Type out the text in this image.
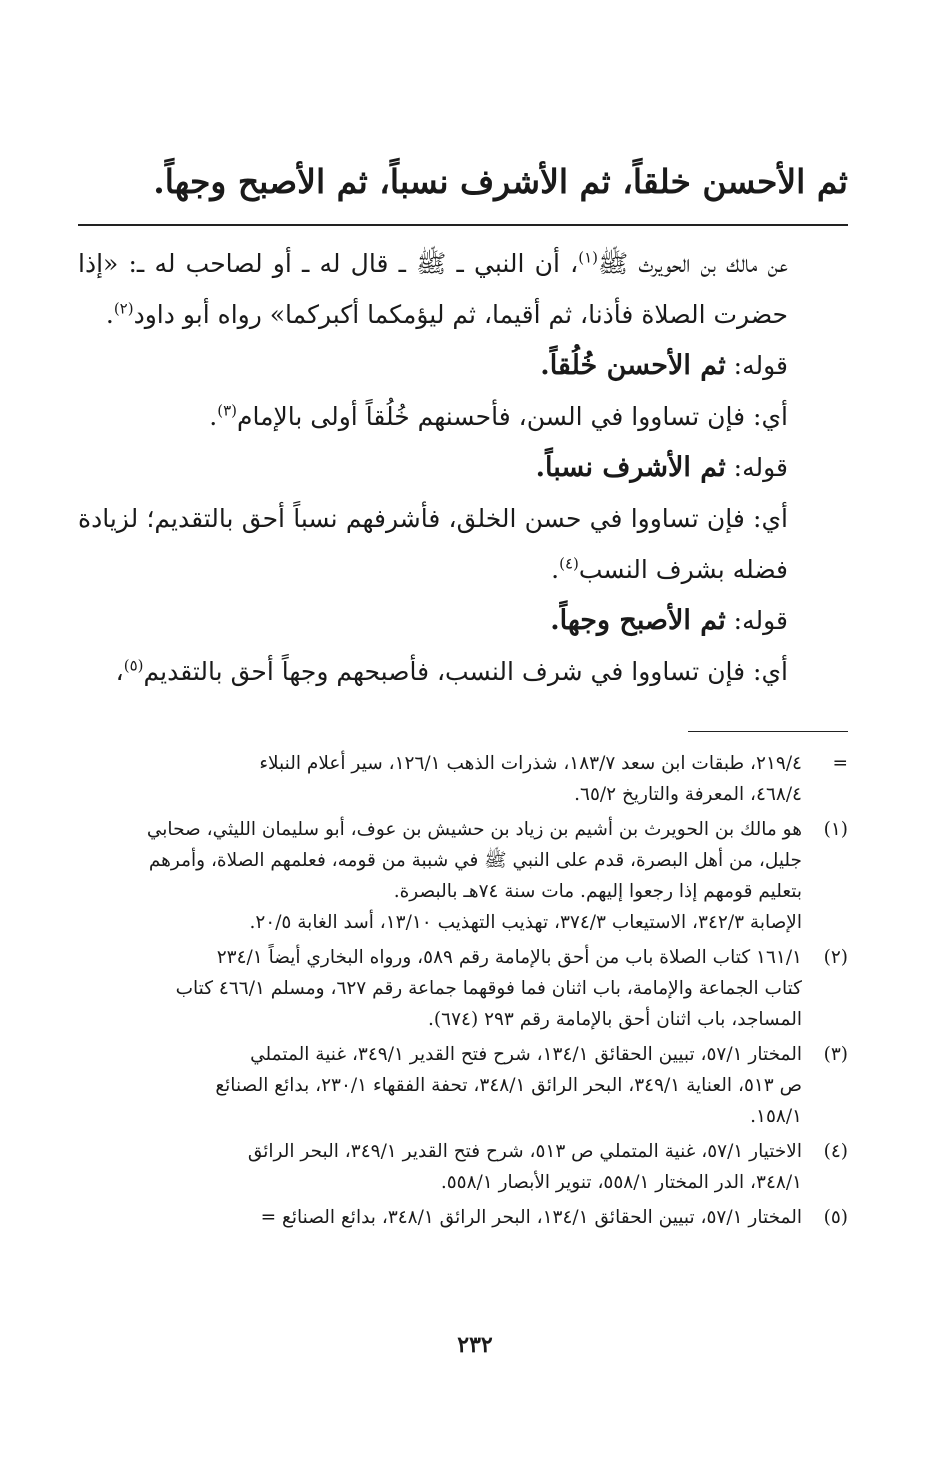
ثم الأحسن خلقاً، ثم الأشرف نسباً، ثم الأصبح وجهاً.

عن مالك بن الحويرث ﷺ$^{(١)}$، أن النبي ـ ﷺ ـ قال له ـ أو لصاحب له ـ: «إذا حضرت الصلاة فأذنا، ثم أقيما، ثم ليؤمكما أكبركما» رواه أبو داود$^{(٢)}$.

قوله: ثم الأحسن خُلُقاً.

أي: فإن تساووا في السن، فأحسنهم خُلُقاً أولى بالإمام$^{(٣)}$.

قوله: ثم الأشرف نسباً.

أي: فإن تساووا في حسن الخلق، فأشرفهم نسباً أحق بالتقديم؛ لزيادة فضله بشرف النسب$^{(٤)}$.

قوله: ثم الأصبح وجهاً.

أي: فإن تساووا في شرف النسب، فأصبحهم وجهاً أحق بالتقديم$^{(٥)}$،

=
٢١٩/٤، طبقات ابن سعد ١٨٣/٧، شذرات الذهب ١٢٦/١، سير أعلام النبلاء
٤٦٨/٤، المعرفة والتاريخ ٦٥/٢.
(١)
هو مالك بن الحويرث بن أشيم بن زياد بن حشيش بن عوف، أبو سليمان الليثي، صحابي
جليل، من أهل البصرة، قدم على النبي ﷺ في شببة من قومه، فعلمهم الصلاة، وأمرهم
بتعليم قومهم إذا رجعوا إليهم. مات سنة ٧٤هـ بالبصرة.
الإصابة ٣٤٢/٣، الاستيعاب ٣٧٤/٣، تهذيب التهذيب ١٣/١٠، أسد الغابة ٢٠/٥.
(٢)
١٦١/١ كتاب الصلاة باب من أحق بالإمامة رقم ٥٨٩، ورواه البخاري أيضاً ٢٣٤/١
كتاب الجماعة والإمامة، باب اثنان فما فوقهما جماعة رقم ٦٢٧، ومسلم ٤٦٦/١ كتاب
المساجد، باب اثنان أحق بالإمامة رقم ٢٩٣ (٦٧٤).
(٣)
المختار ٥٧/١، تبيين الحقائق ١٣٤/١، شرح فتح القدير ٣٤٩/١، غنية المتملي
ص ٥١٣، العناية ٣٤٩/١، البحر الرائق ٣٤٨/١، تحفة الفقهاء ٢٣٠/١، بدائع الصنائع
١٥٨/١.
(٤)
الاختيار ٥٧/١، غنية المتملي ص ٥١٣، شرح فتح القدير ٣٤٩/١، البحر الرائق
٣٤٨/١، الدر المختار ٥٥٨/١، تنوير الأبصار ٥٥٨/١.
(٥)
المختار ٥٧/١، تبيين الحقائق ١٣٤/١، البحر الرائق ٣٤٨/١، بدائع الصنائع =
٢٣٢
